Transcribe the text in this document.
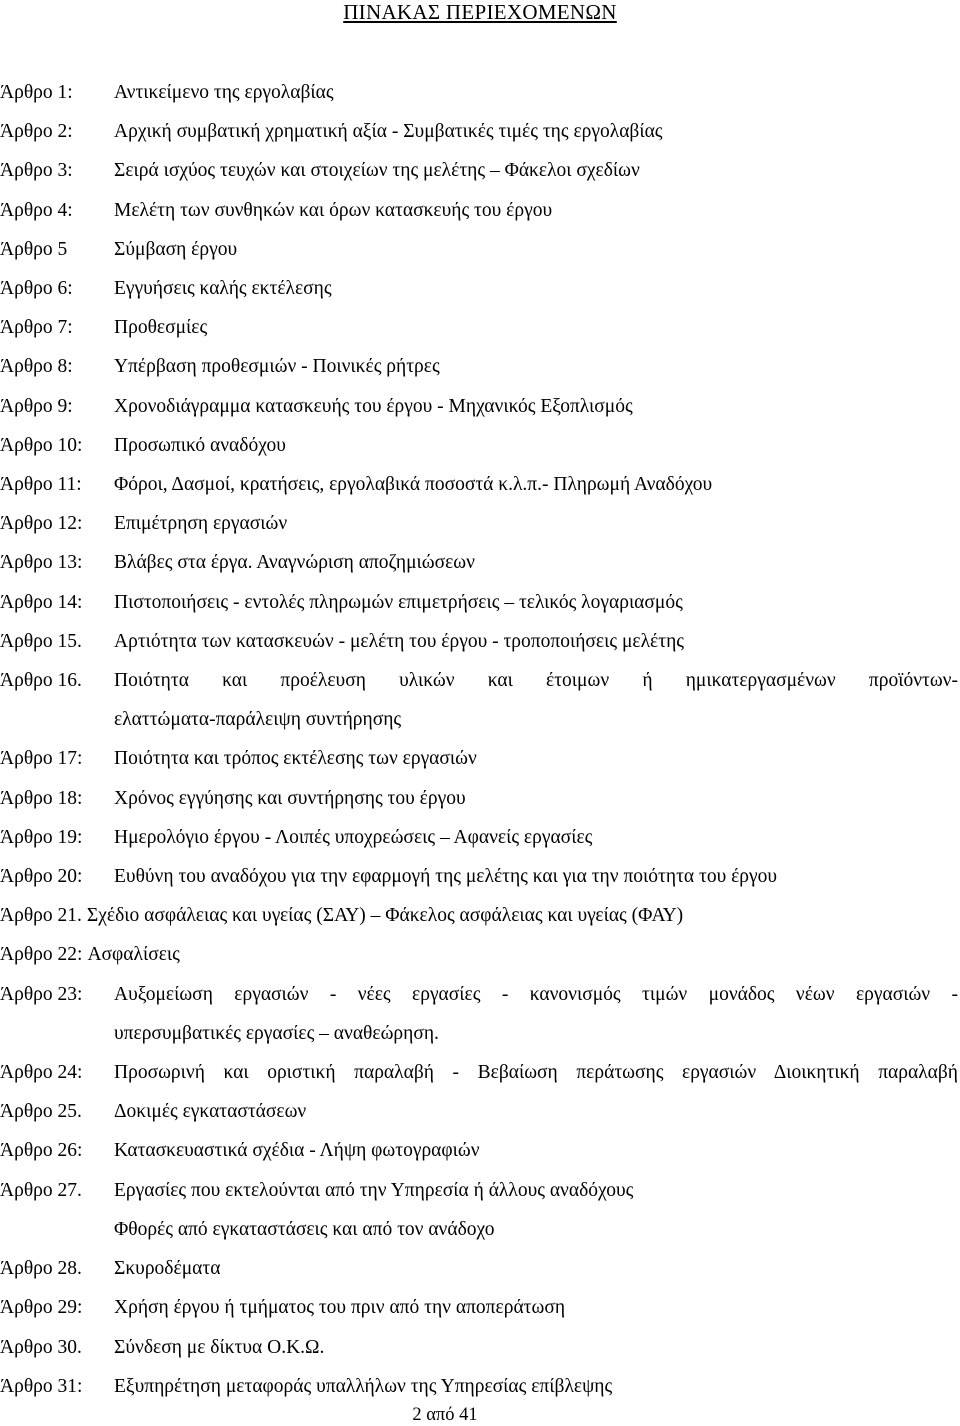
ΠΙΝΑΚΑΣ ΠΕΡΙΕΧΟΜΕΝΩΝ
Άρθρο 1:	Αντικείμενο της εργολαβίας
Άρθρο 2:	Αρχική συμβατική χρηματική αξία - Συμβατικές τιμές της εργολαβίας
Άρθρο 3:	Σειρά ισχύος τευχών και στοιχείων της μελέτης – Φάκελοι σχεδίων
Άρθρο 4:	Μελέτη των συνθηκών και όρων κατασκευής του έργου
Άρθρο 5	Σύμβαση έργου
Άρθρο 6:	Εγγυήσεις καλής εκτέλεσης
Άρθρο 7:	Προθεσμίες
Άρθρο 8:	Υπέρβαση προθεσμιών - Ποινικές ρήτρες
Άρθρο 9:	Χρονοδιάγραμμα κατασκευής του έργου - Μηχανικός Εξοπλισμός
Άρθρο 10:	Προσωπικό αναδόχου
Άρθρο 11:	Φόροι, Δασμοί, κρατήσεις, εργολαβικά ποσοστά κ.λ.π.- Πληρωμή Αναδόχου
Άρθρο 12:	Επιμέτρηση εργασιών
Άρθρο 13:	Βλάβες στα έργα. Αναγνώριση αποζημιώσεων
Άρθρο 14:	Πιστοποιήσεις - εντολές πληρωμών επιμετρήσεις – τελικός λογαριασμός
Άρθρο 15.	Αρτιότητα των κατασκευών - μελέτη του έργου - τροποποιήσεις μελέτης
Άρθρο 16.	Ποιότητα και προέλευση υλικών και έτοιμων ή ημικατεργασμένων προϊόντων-
ελαττώματα-παράλειψη συντήρησης
Άρθρο 17:	Ποιότητα και τρόπος εκτέλεσης των εργασιών
Άρθρο 18:	Χρόνος εγγύησης και συντήρησης του έργου
Άρθρο 19:	Ημερολόγιο έργου - Λοιπές υποχρεώσεις – Αφανείς εργασίες
Άρθρο 20:	Ευθύνη του αναδόχου για την εφαρμογή της μελέτης και για την ποιότητα του έργου
Άρθρο 21. Σχέδιο ασφάλειας και υγείας (ΣΑΥ) – Φάκελος ασφάλειας και υγείας (ΦΑΥ)
Άρθρο 22: Ασφαλίσεις
Άρθρο 23:	Αυξομείωση εργασιών - νέες εργασίες - κανονισμός τιμών μονάδος νέων εργασιών -
υπερσυμβατικές εργασίες – αναθεώρηση.
Άρθρο 24:	Προσωρινή και οριστική παραλαβή - Βεβαίωση περάτωσης εργασιών Διοικητική παραλαβή
Άρθρο 25.	Δοκιμές εγκαταστάσεων
Άρθρο 26:	Κατασκευαστικά σχέδια - Λήψη φωτογραφιών
Άρθρο 27.	Εργασίες που εκτελούνται από την Υπηρεσία ή άλλους αναδόχους
Φθορές από εγκαταστάσεις και από τον ανάδοχο
Άρθρο 28.	Σκυροδέματα
Άρθρο 29:	Χρήση έργου ή τμήματος του πριν από την αποπεράτωση
Άρθρο 30.	Σύνδεση με δίκτυα Ο.Κ.Ω.
Άρθρο 31:	Εξυπηρέτηση μεταφοράς υπαλλήλων της Υπηρεσίας επίβλεψης
2 από 41
